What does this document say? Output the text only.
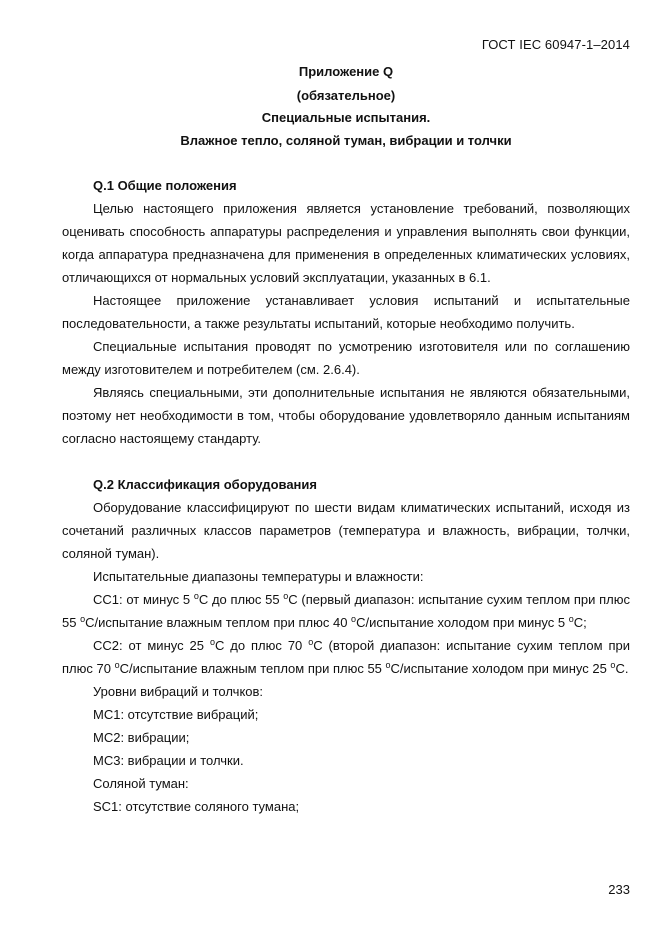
ГОСТ IEC 60947-1–2014
Приложение Q
(обязательное)
Специальные испытания.
Влажное тепло, соляной туман, вибрации и толчки

Q.1 Общие положения

Целью настоящего приложения является установление требований, позволяющих оценивать способность аппаратуры распределения и управления выполнять свои функции, когда аппаратура предназначена для применения в определенных климатических условиях, отличающихся от нормальных условий эксплуатации, указанных в 6.1.

Настоящее приложение устанавливает условия испытаний и испытательные последовательности, а также результаты испытаний, которые необходимо получить.

Специальные испытания проводят по усмотрению изготовителя или по соглашению между изготовителем и потребителем (см. 2.6.4).

Являясь специальными, эти дополнительные испытания не являются обязательными, поэтому нет необходимости в том, чтобы оборудование удовлетворяло данным испытаниям согласно настоящему стандарту.

Q.2 Классификация оборудования

Оборудование классифицируют по шести видам климатических испытаний, исходя из сочетаний различных классов параметров (температура и влажность, вибрации, толчки, соляной туман).

Испытательные диапазоны температуры и влажности:

СС1: от минус 5 $^o$С до плюс 55 $^o$С (первый диапазон: испытание сухим теплом при плюс 55 $^o$С/испытание влажным теплом при плюс 40 $^o$С/испытание холодом при минус 5 $^o$С;

СС2: от минус 25 $^o$С до плюс 70 $^o$С (второй диапазон: испытание сухим теплом при плюс 70 $^o$С/испытание влажным теплом при плюс 55 $^o$С/испытание холодом при минус 25 $^o$С.

Уровни вибраций и толчков:

МС1: отсутствие вибраций;

МС2: вибрации;

МС3: вибрации и толчки.

Соляной туман:

SC1: отсутствие соляного тумана;

233
